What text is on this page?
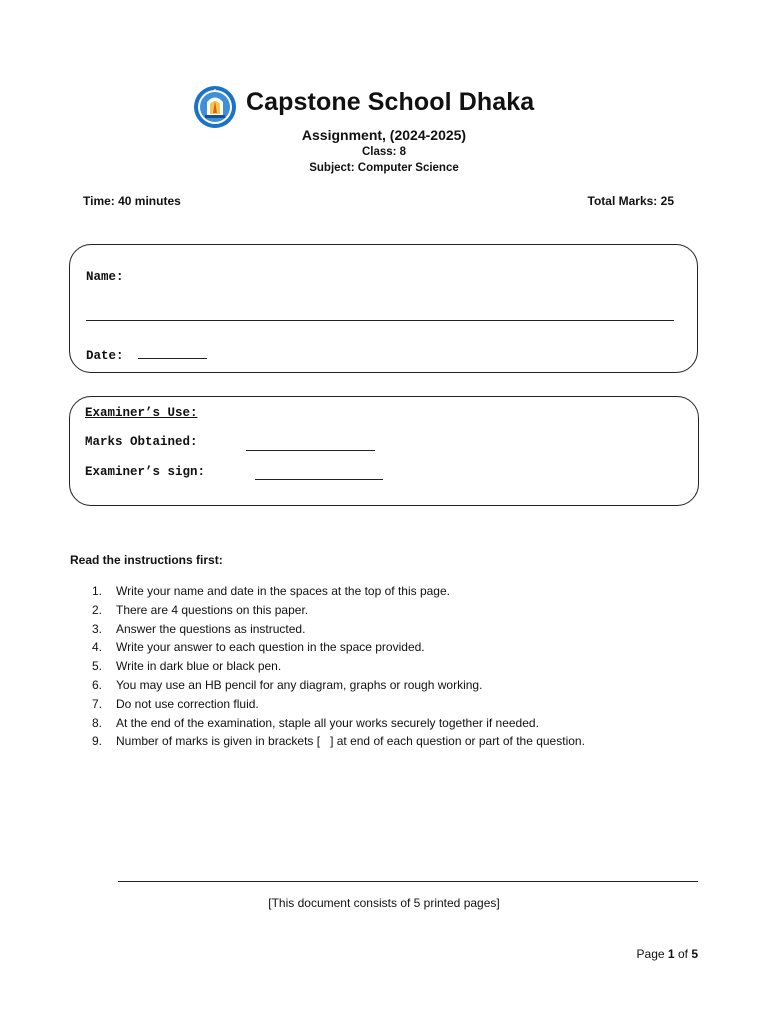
Capstone School Dhaka
Assignment, (2024-2025)
Class: 8
Subject: Computer Science
Time: 40 minutes	Total Marks: 25
Name:
Date:
Examiner’s Use:
Marks Obtained:
Examiner’s sign:
Read the instructions first:
1. Write your name and date in the spaces at the top of this page.
2. There are 4 questions on this paper.
3. Answer the questions as instructed.
4. Write your answer to each question in the space provided.
5. Write in dark blue or black pen.
6. You may use an HB pencil for any diagram, graphs or rough working.
7. Do not use correction fluid.
8. At the end of the examination, staple all your works securely together if needed.
9. Number of marks is given in brackets [   ] at end of each question or part of the question.
[This document consists of 5 printed pages]
Page 1 of 5
